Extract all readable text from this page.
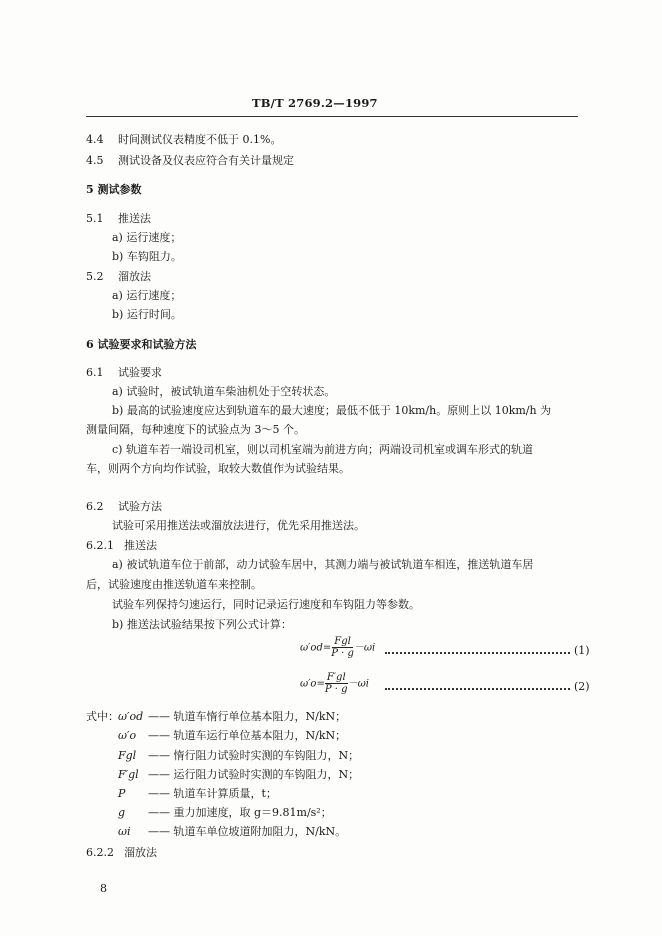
TB/T 2769.2—1997
4.4 时间测试仪表精度不低于 0.1%。
4.5 测试设备及仪表应符合有关计量规定
5 测试参数
5.1 推送法
a) 运行速度；
b) 车钩阻力。
5.2 溜放法
a) 运行速度；
b) 运行时间。
6 试验要求和试验方法
6.1 试验要求
a) 试验时，被试轨道车柴油机处于空转状态。
b) 最高的试验速度应达到轨道车的最大速度；最低不低于 10km/h。原则上以 10km/h 为
测量间隔，每种速度下的试验点为 3～5 个。
c) 轨道车若一端设司机室，则以司机室端为前进方向；两端设司机室或调车形式的轨道
车，则两个方向均作试验，取较大数值作为试验结果。
6.2 试验方法
试验可采用推送法或溜放法进行，优先采用推送法。
6.2.1 推送法
a) 被试轨道车位于前部，动力试验车居中，其测力端与被试轨道车相连，推送轨道车居
后，试验速度由推送轨道车来控制。
试验车列保持匀速运行，同时记录运行速度和车钩阻力等参数。
b) 推送法试验结果按下列公式计算：
$\omega'od= \frac{\text{Fgl}}{P \cdot g} -\omega i$	(1)
$\omega'o= \frac{F'gl}{P \cdot g} -\omega i$	(2)
式中： ω′od —— 轨道车惰行单位基本阻力，N/kN；
ω′o —— 轨道车运行单位基本阻力，N/kN；
Fgl —— 惰行阻力试验时实测的车钩阻力，N；
F′gl —— 运行阻力试验时实测的车钩阻力，N；
P —— 轨道车计算质量，t；
g —— 重力加速度，取 g＝9.81m/s²；
ωi —— 轨道车单位坡道附加阻力，N/kN。
6.2.2 溜放法
8
